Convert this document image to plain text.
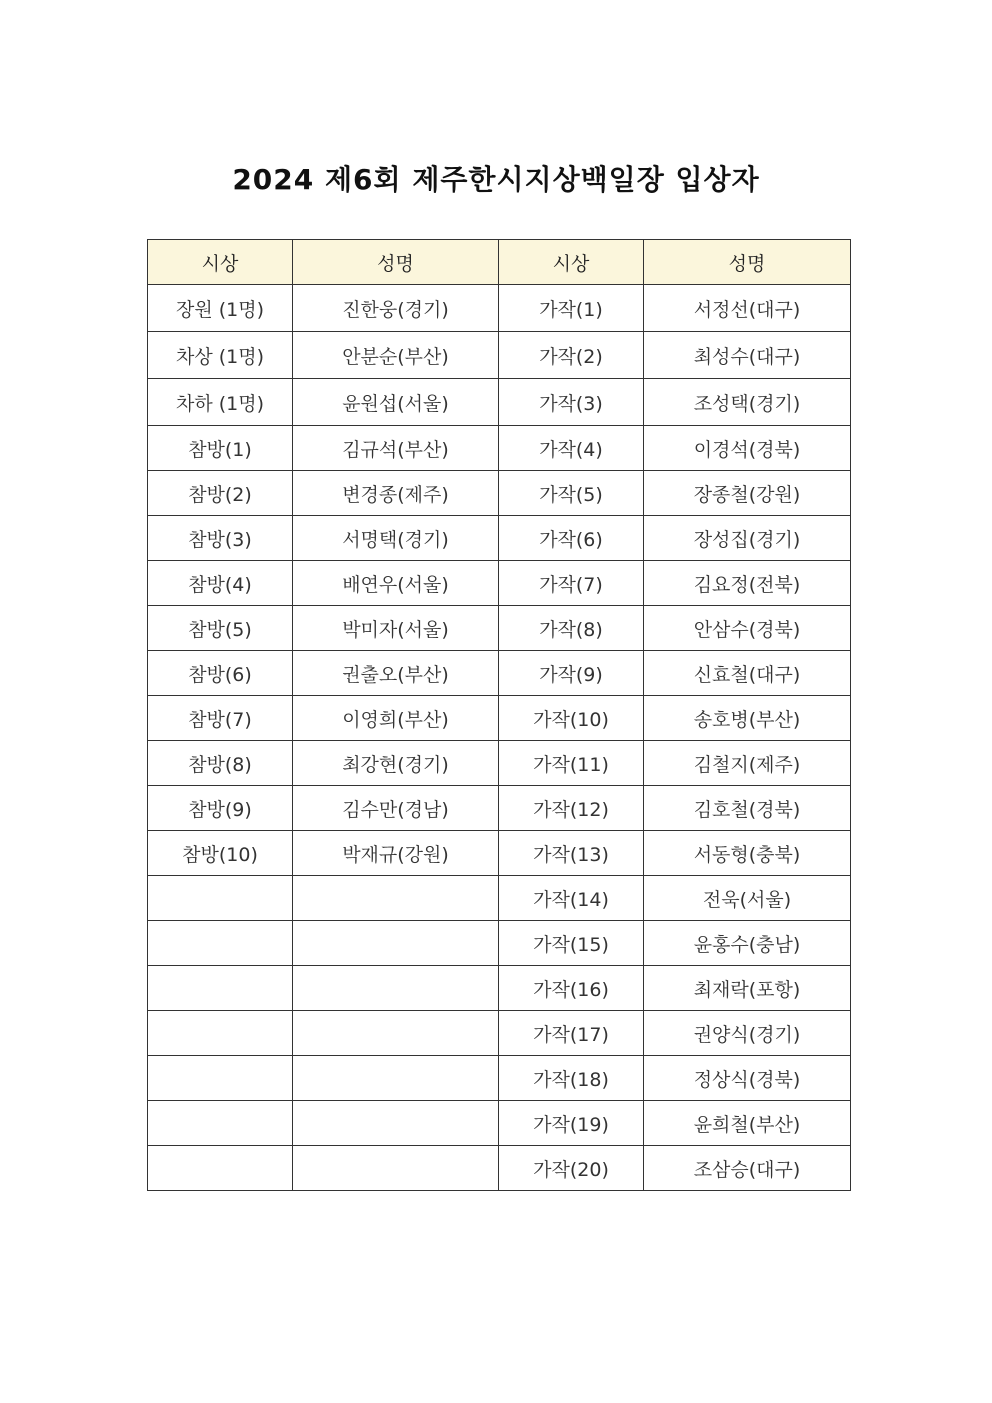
2024 제6회 제주한시지상백일장 입상자
시상	성명	시상	성명
장원 (1명)	진한웅(경기)	가작(1)	서정선(대구)
차상 (1명)	안분순(부산)	가작(2)	최성수(대구)
차하 (1명)	윤원섭(서울)	가작(3)	조성택(경기)
참방(1)	김규석(부산)	가작(4)	이경석(경북)
참방(2)	변경종(제주)	가작(5)	장종철(강원)
참방(3)	서명택(경기)	가작(6)	장성집(경기)
참방(4)	배연우(서울)	가작(7)	김요정(전북)
참방(5)	박미자(서울)	가작(8)	안삼수(경북)
참방(6)	권출오(부산)	가작(9)	신효철(대구)
참방(7)	이영희(부산)	가작(10)	송호병(부산)
참방(8)	최강현(경기)	가작(11)	김철지(제주)
참방(9)	김수만(경남)	가작(12)	김호철(경북)
참방(10)	박재규(강원)	가작(13)	서동형(충북)
		가작(14)	전욱(서울)
		가작(15)	윤홍수(충남)
		가작(16)	최재락(포항)
		가작(17)	권양식(경기)
		가작(18)	정상식(경북)
		가작(19)	윤희철(부산)
		가작(20)	조삼승(대구)
